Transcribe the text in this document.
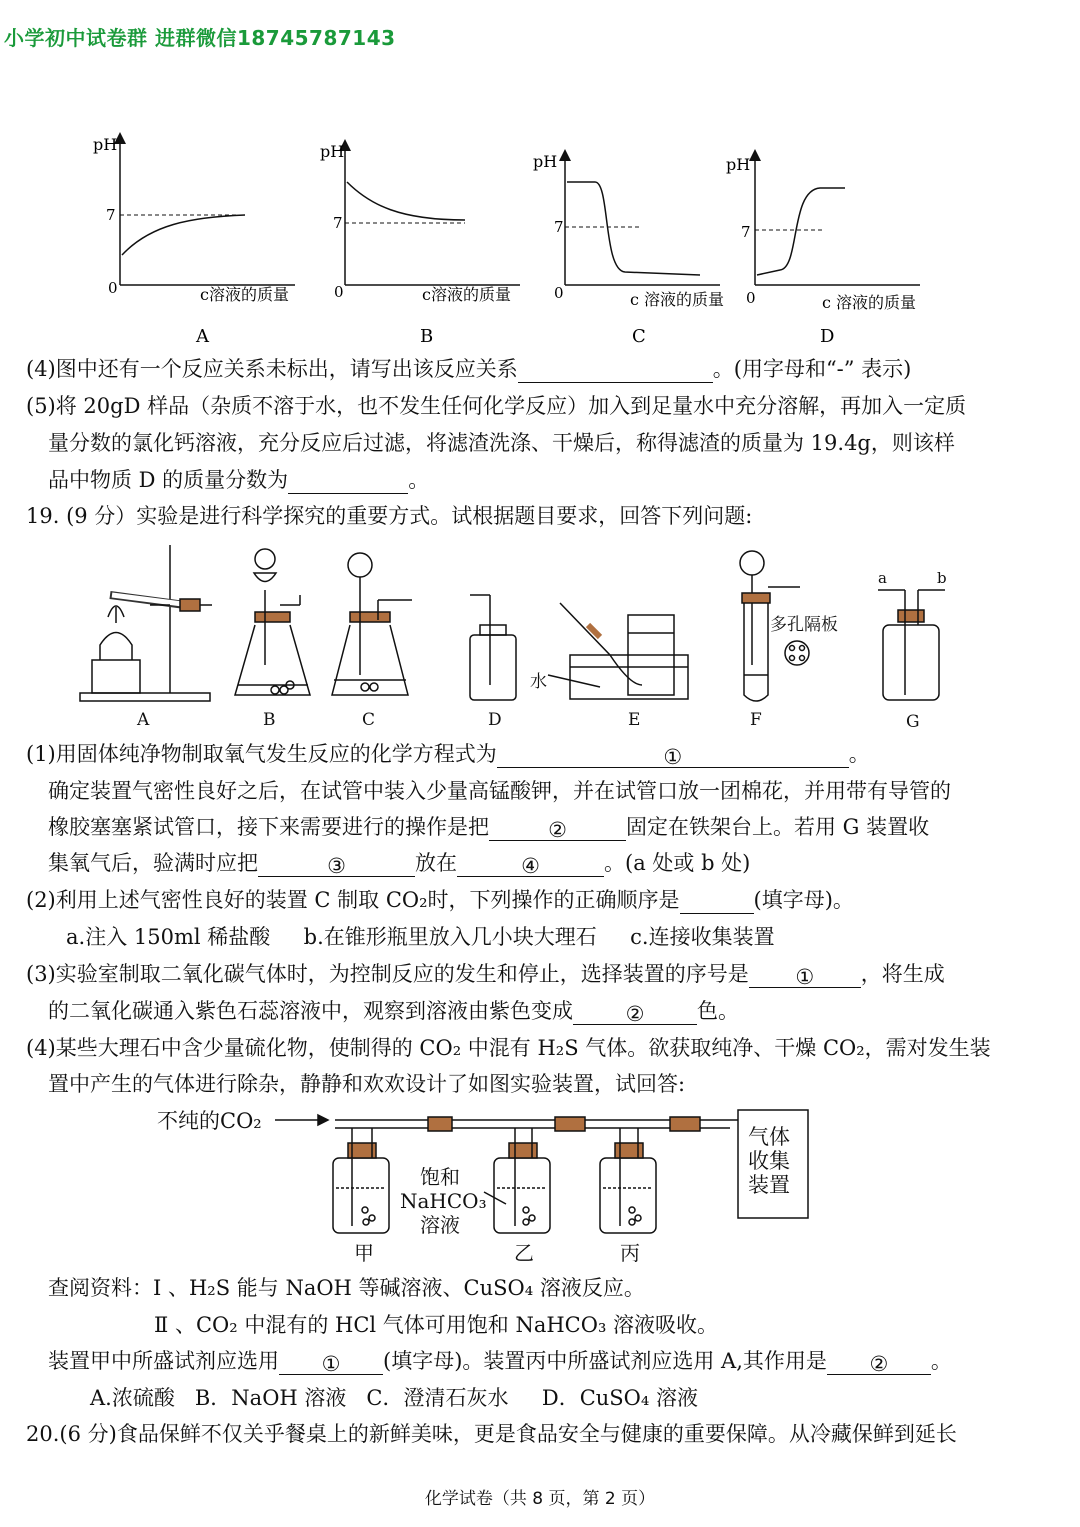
小学初中试卷群 进群微信18745787143
pH
7
0	c溶液的质量
A
pH
7
0	c溶液的质量
B
pH
7
0	c 溶液的质量
C
pH
7
0	c 溶液的质量
D
(4)图中还有一个反应关系未标出，请写出该反应关系	。(用字母和“-” 表示)
(5)将 20gD 样品（杂质不溶于水，也不发生任何化学反应）加入到足量水中充分溶解，再加入一定质
量分数的氯化钙溶液，充分反应后过滤，将滤渣洗涤、干燥后，称得滤渣的质量为 19.4g，则该样
品中物质 D 的质量分数为	。
19. (9 分）实验是进行科学探究的重要方式。试根据题目要求，回答下列问题:
A	B	C	D
水
E
多孔隔板
F
a	b
G
(1)用固体纯净物制取氧气发生反应的化学方程式为	①	。
确定装置气密性良好之后，在试管中装入少量高锰酸钾，并在试管口放一团棉花，并用带有导管的
橡胶塞塞紧试管口，接下来需要进行的操作是把	②	固定在铁架台上。若用 G 装置收
集氧气后，验满时应把	③	放在	④	。(a 处或 b 处)
(2)利用上述气密性良好的装置 C 制取 CO₂时，下列操作的正确顺序是	(填字母)。
a.注入 150ml 稀盐酸     b.在锥形瓶里放入几小块大理石     c.连接收集装置
(3)实验室制取二氧化碳气体时，为控制反应的发生和停止，选择装置的序号是 ① ，将生成
的二氧化碳通入紫色石蕊溶液中，观察到溶液由紫色变成	②	色。
(4)某些大理石中含少量硫化物，使制得的 CO₂ 中混有 H₂S 气体。欲获取纯净、干燥 CO₂，需对发生装
置中产生的气体进行除杂，静静和欢欢设计了如图实验装置，试回答:
不纯的CO₂
气体
收集
装置
饱和
NaHCO₃
溶液
甲	乙	丙
查阅资料：Ⅰ 、H₂S 能与 NaOH 等碱溶液、CuSO₄ 溶液反应。
Ⅱ 、CO₂ 中混有的 HCl 气体可用饱和 NaHCO₃ 溶液吸收。
装置甲中所盛试剂应选用 ① (填字母)。装置丙中所盛试剂应选用 A,其作用是 ② 。
A.浓硫酸   B．NaOH 溶液   C．澄清石灰水     D．CuSO₄ 溶液
20.(6 分)食品保鲜不仅关乎餐桌上的新鲜美味，更是食品安全与健康的重要保障。从冷藏保鲜到延长
化学试卷（共 8 页，第 2 页）
